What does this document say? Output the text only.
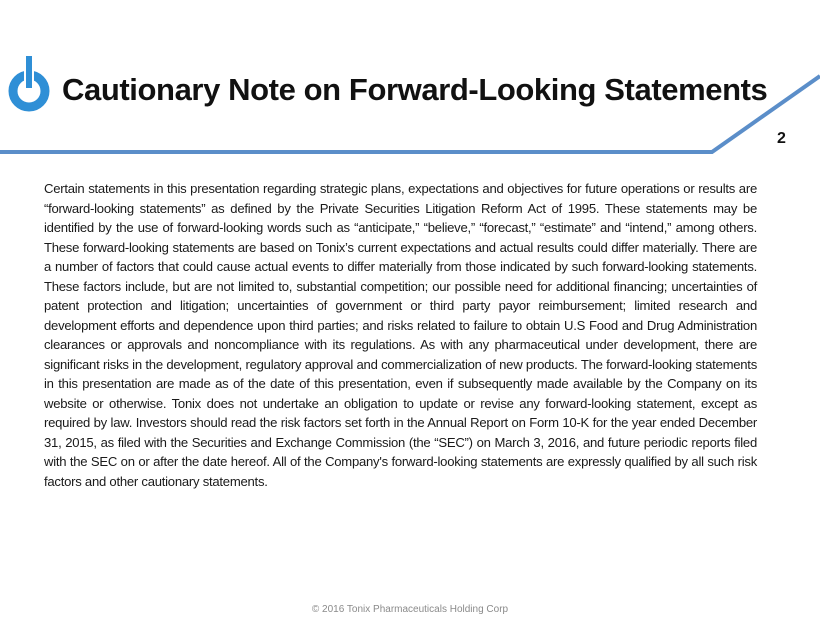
Cautionary Note on Forward-Looking Statements
2

Certain statements in this presentation regarding strategic plans, expectations and objectives for future operations or results are “forward-looking statements” as defined by the Private Securities Litigation Reform Act of 1995. These statements may be identified by the use of forward-looking words such as “anticipate,” “believe,” “forecast,” “estimate” and “intend,” among others. These forward-looking statements are based on Tonix’s current expectations and actual results could differ materially. There are a number of factors that could cause actual events to differ materially from those indicated by such forward-looking statements. These factors include, but are not limited to, substantial competition; our possible need for additional financing; uncertainties of patent protection and litigation; uncertainties of government or third party payor reimbursement; limited research and development efforts and dependence upon third parties; and risks related to failure to obtain U.S Food and Drug Administration clearances or approvals and noncompliance with its regulations. As with any pharmaceutical under development, there are significant risks in the development, regulatory approval and commercialization of new products. The forward-looking statements in this presentation are made as of the date of this presentation, even if subsequently made available by the Company on its website or otherwise. Tonix does not undertake an obligation to update or revise any forward-looking statement, except as required by law. Investors should read the risk factors set forth in the Annual Report on Form 10-K for the year ended December 31, 2015, as filed with the Securities and Exchange Commission (the “SEC”) on March 3, 2016, and future periodic reports filed with the SEC on or after the date hereof. All of the Company's forward-looking statements are expressly qualified by all such risk factors and other cautionary statements.

© 2016 Tonix Pharmaceuticals Holding Corp
